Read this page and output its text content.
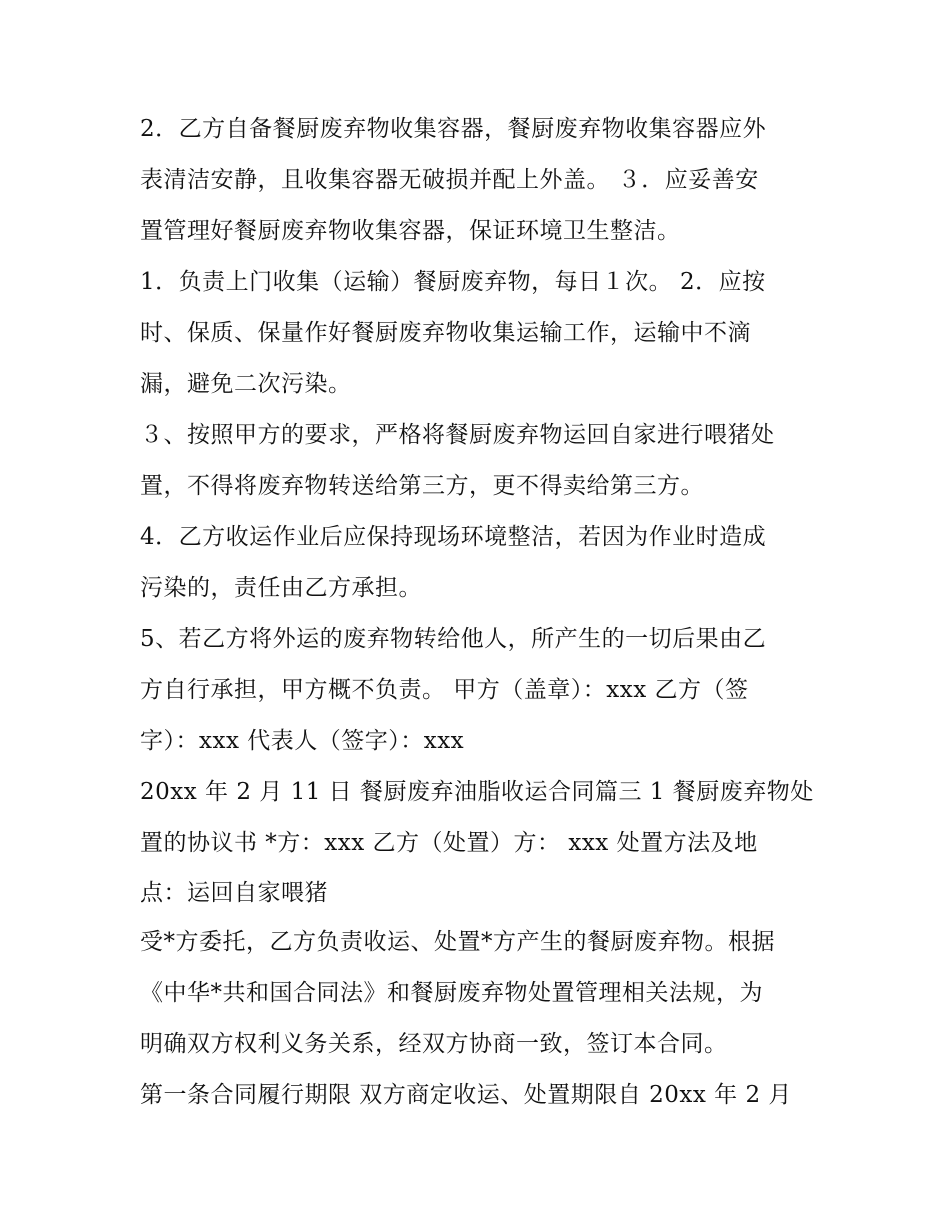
2．乙方自备餐厨废弃物收集容器，餐厨废弃物收集容器应外
表清洁安静，且收集容器无破损并配上外盖。 ３．应妥善安
置管理好餐厨废弃物收集容器，保证环境卫生整洁。
1．负责上门收集（运输）餐厨废弃物，每日１次。 2．应按
时、保质、保量作好餐厨废弃物收集运输工作，运输中不滴
漏，避免二次污染。
３、按照甲方的要求，严格将餐厨废弃物运回自家进行喂猪处
置，不得将废弃物转送给第三方，更不得卖给第三方。
4．乙方收运作业后应保持现场环境整洁，若因为作业时造成
污染的，责任由乙方承担。
5、若乙方将外运的废弃物转给他人，所产生的一切后果由乙
方自行承担，甲方概不负责。 甲方（盖章）：xxx 乙方（签
字）：xxx 代表人（签字）：xxx
20xx 年 2 月 11 日 餐厨废弃油脂收运合同篇三 1 餐厨废弃物处
置的协议书 *方：xxx 乙方（处置）方： xxx 处置方法及地
点：运回自家喂猪
受*方委托，乙方负责收运、处置*方产生的餐厨废弃物。根据
《中华*共和国合同法》和餐厨废弃物处置管理相关法规，为
明确双方权利义务关系，经双方协商一致，签订本合同。
第一条合同履行期限 双方商定收运、处置期限自 20xx 年 2 月
